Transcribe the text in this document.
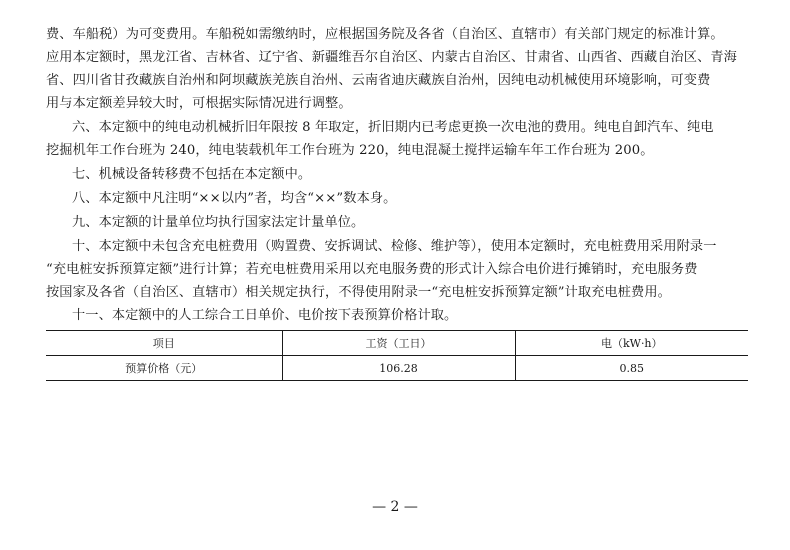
费、车船税）为可变费用。车船税如需缴纳时，应根据国务院及各省（自治区、直辖市）有关部门规定的标准计算。
应用本定额时，黑龙江省、吉林省、辽宁省、新疆维吾尔自治区、内蒙古自治区、甘肃省、山西省、西藏自治区、青海
省、四川省甘孜藏族自治州和阿坝藏族羌族自治州、云南省迪庆藏族自治州，因纯电动机械使用环境影响，可变费
用与本定额差异较大时，可根据实际情况进行调整。
六、本定额中的纯电动机械折旧年限按 8 年取定，折旧期内已考虑更换一次电池的费用。纯电自卸汽车、纯电
挖掘机年工作台班为 240，纯电装载机年工作台班为 220，纯电混凝土搅拌运输车年工作台班为 200。
七、机械设备转移费不包括在本定额中。
八、本定额中凡注明“××以内”者，均含“××”数本身。
九、本定额的计量单位均执行国家法定计量单位。
十、本定额中未包含充电桩费用（购置费、安拆调试、检修、维护等），使用本定额时，充电桩费用采用附录一
“充电桩安拆预算定额”进行计算；若充电桩费用采用以充电服务费的形式计入综合电价进行摊销时，充电服务费
按国家及各省（自治区、直辖市）相关规定执行，不得使用附录一“充电桩安拆预算定额”计取充电桩费用。
十一、本定额中的人工综合工日单价、电价按下表预算价格计取。
项目	工资（工日）	电（kW·h）
预算价格（元）	106.28	0.85
— 2 —
